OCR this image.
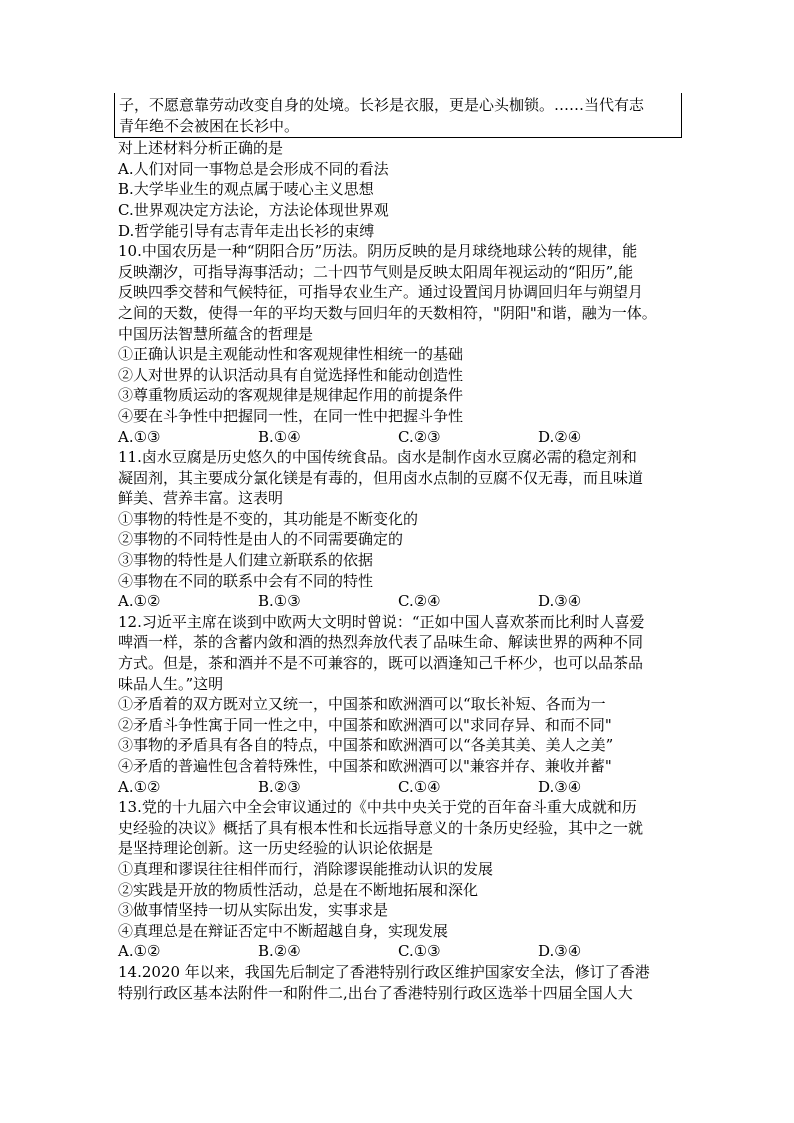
子，不愿意靠劳动改变自身的处境。长衫是衣服，更是心头枷锁。……当代有志
青年绝不会被困在长衫中。
对上述材料分析正确的是
A.人们对同一事物总是会形成不同的看法
B.大学毕业生的观点属于唛心主义思想
C.世界观决定方法论，方法论体现世界观
D.哲学能引导有志青年走出长衫的束缚
10.中国农历是一种“阴阳合历”历法。阴历反映的是月球绕地球公转的规律，能
反映潮汐，可指导海事活动；二十四节气则是反映太阳周年视运动的“阳历”,能
反映四季交替和气候特征，可指导农业生产。通过设置闰月协调回归年与朔望月
之间的天数，使得一年的平均天数与回归年的天数相符，"阴阳"和谐，融为一体。
中国历法智慧所蕴含的哲理是
①正确认识是主观能动性和客观规律性相统一的基础
②人对世界的认识活动具有自觉选择性和能动创造性
③尊重物质运动的客观规律是规律起作用的前提条件
④要在斗争性中把握同一性，在同一性中把握斗争性
A.①③	B.①④	C.②③	D.②④
11.卤水豆腐是历史悠久的中国传统食品。卤水是制作卤水豆腐必需的稳定剂和
凝固剂，其主要成分氯化镁是有毒的，但用卤水点制的豆腐不仅无毒，而且味道
鲜美、营养丰富。这表明
①事物的特性是不变的，其功能是不断变化的
②事物的不同特性是由人的不同需要确定的
③事物的特性是人们建立新联系的依据
④事物在不同的联系中会有不同的特性
A.①②	B.①③	C.②④	D.③④
12.习近平主席在谈到中欧两大文明时曾说：“正如中国人喜欢茶而比利时人喜爱
啤酒一样，茶的含蓄内敛和酒的热烈奔放代表了品味生命、解读世界的两种不同
方式。但是，茶和酒并不是不可兼容的，既可以酒逢知己千杯少，也可以品茶品
味品人生。”这明
①矛盾着的双方既对立又统一，中国茶和欧洲酒可以“取长补短、各而为一
②矛盾斗争性寓于同一性之中，中国茶和欧洲酒可以"求同存异、和而不同"
③事物的矛盾具有各自的特点，中国茶和欧洲酒可以“各美其美、美人之美”
④矛盾的普遍性包含着特殊性，中国茶和欧洲酒可以"兼容并存、兼收并蓄"
A.①②	B.②③	C.①④	D.③④
13.党的十九届六中全会审议通过的《中共中央关于党的百年奋斗重大成就和历
史经验的决议》概括了具有根本性和长远指导意义的十条历史经验，其中之一就
是坚持理论创新。这一历史经验的认识论依据是
①真理和谬误往往相伴而行，消除谬误能推动认识的发展
②实践是开放的物质性活动，总是在不断地拓展和深化
③做事情坚持一切从实际出发，实事求是
④真理总是在辩证否定中不断超越自身，实现发展
A.①②	B.②④	C.①③	D.③④
14.2020 年以来，我国先后制定了香港特别行政区维护国家安全法，修订了香港
特别行政区基本法附件一和附件二,出台了香港特别行政区选举十四届全国人大
